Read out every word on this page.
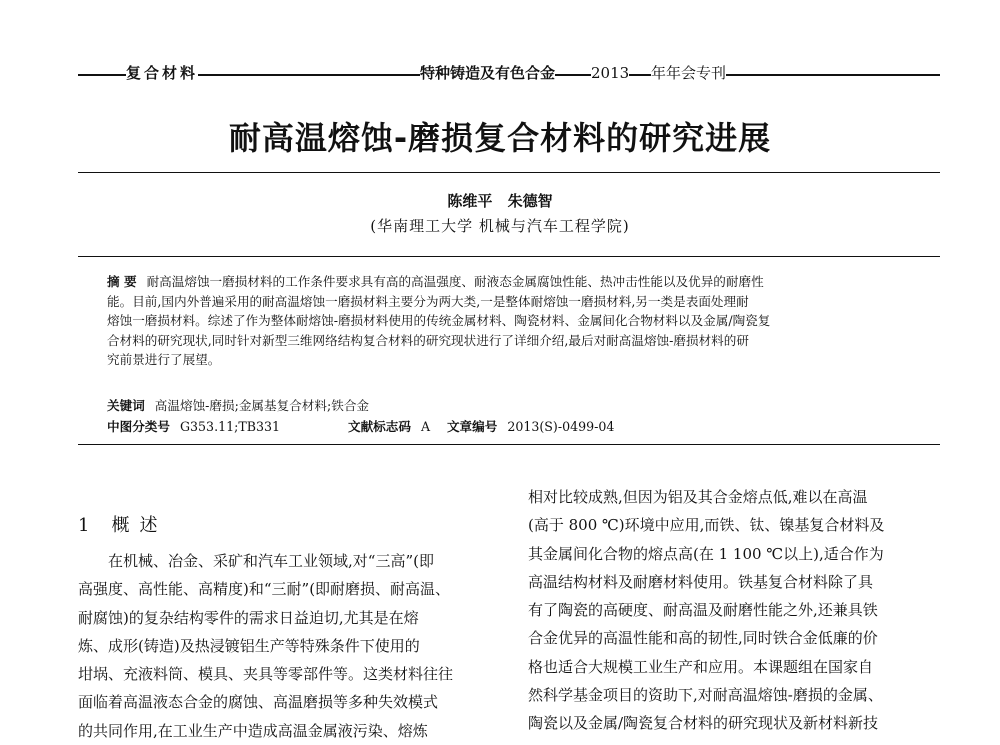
复合材料	特种铸造及有色合金 2013 年年会专刊
耐高温熔蚀-磨损复合材料的研究进展
陈维平 朱德智
(华南理工大学 机械与汽车工程学院)
摘 要 耐高温熔蚀一磨损材料的工作条件要求具有高的高温强度、耐液态金属腐蚀性能、热冲击性能以及优异的耐磨性
能。目前,国内外普遍采用的耐高温熔蚀一磨损材料主要分为两大类,一是整体耐熔蚀一磨损材料,另一类是表面处理耐
熔蚀一磨损材料。综述了作为整体耐熔蚀-磨损材料使用的传统金属材料、陶瓷材料、金属间化合物材料以及金属/陶瓷复
合材料的研究现状,同时针对新型三维网络结构复合材料的研究现状进行了详细介绍,最后对耐高温熔蚀-磨损材料的研
究前景进行了展望。
关键词 高温熔蚀-磨损;金属基复合材料;铁合金
中图分类号 G353.11;TB331	文献标志码 A 文章编号 2013(S)-0499-04
1 概述
在机械、冶金、采矿和汽车工业领域,对“三高”(即
高强度、高性能、高精度)和“三耐”(即耐磨损、耐高温、
耐腐蚀)的复杂结构零件的需求日益迫切,尤其是在熔
炼、成形(铸造)及热浸镀铝生产等特殊条件下使用的
坩埚、充液料筒、模具、夹具等零部件等。这类材料往往
面临着高温液态合金的腐蚀、高温磨损等多种失效模式
的共同作用,在工业生产中造成高温金属液污染、熔炼
相对比较成熟,但因为铝及其合金熔点低,难以在高温
(高于 800 ℃)环境中应用,而铁、钛、镍基复合材料及
其金属间化合物的熔点高(在 1 100 ℃以上),适合作为
高温结构材料及耐磨材料使用。铁基复合材料除了具
有了陶瓷的高硬度、耐高温及耐磨性能之外,还兼具铁
合金优异的高温性能和高的韧性,同时铁合金低廉的价
格也适合大规模工业生产和应用。本课题组在国家自
然科学基金项目的资助下,对耐高温熔蚀-磨损的金属、
陶瓷以及金属/陶瓷复合材料的研究现状及新材料新技
